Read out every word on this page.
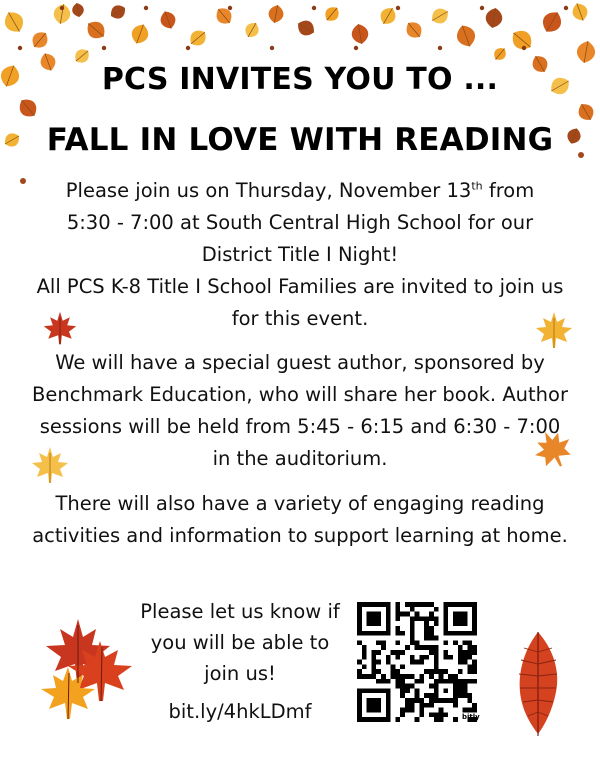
PCS INVITES YOU TO ...
FALL IN LOVE WITH READING
Please join us on Thursday, November 13th from
5:30 - 7:00 at South Central High School for our District Title I Night!
All PCS K-8 Title I School Families are invited to join us for this event.
We will have a special guest author, sponsored by Benchmark Education, who will share her book. Author sessions will be held from 5:45 - 6:15 and 6:30 - 7:00 in the auditorium.
There will also have a variety of engaging reading activities and information to support learning at home.
Please let us know if you will be able to join us!
bit.ly/4hkLDmf	bitly
